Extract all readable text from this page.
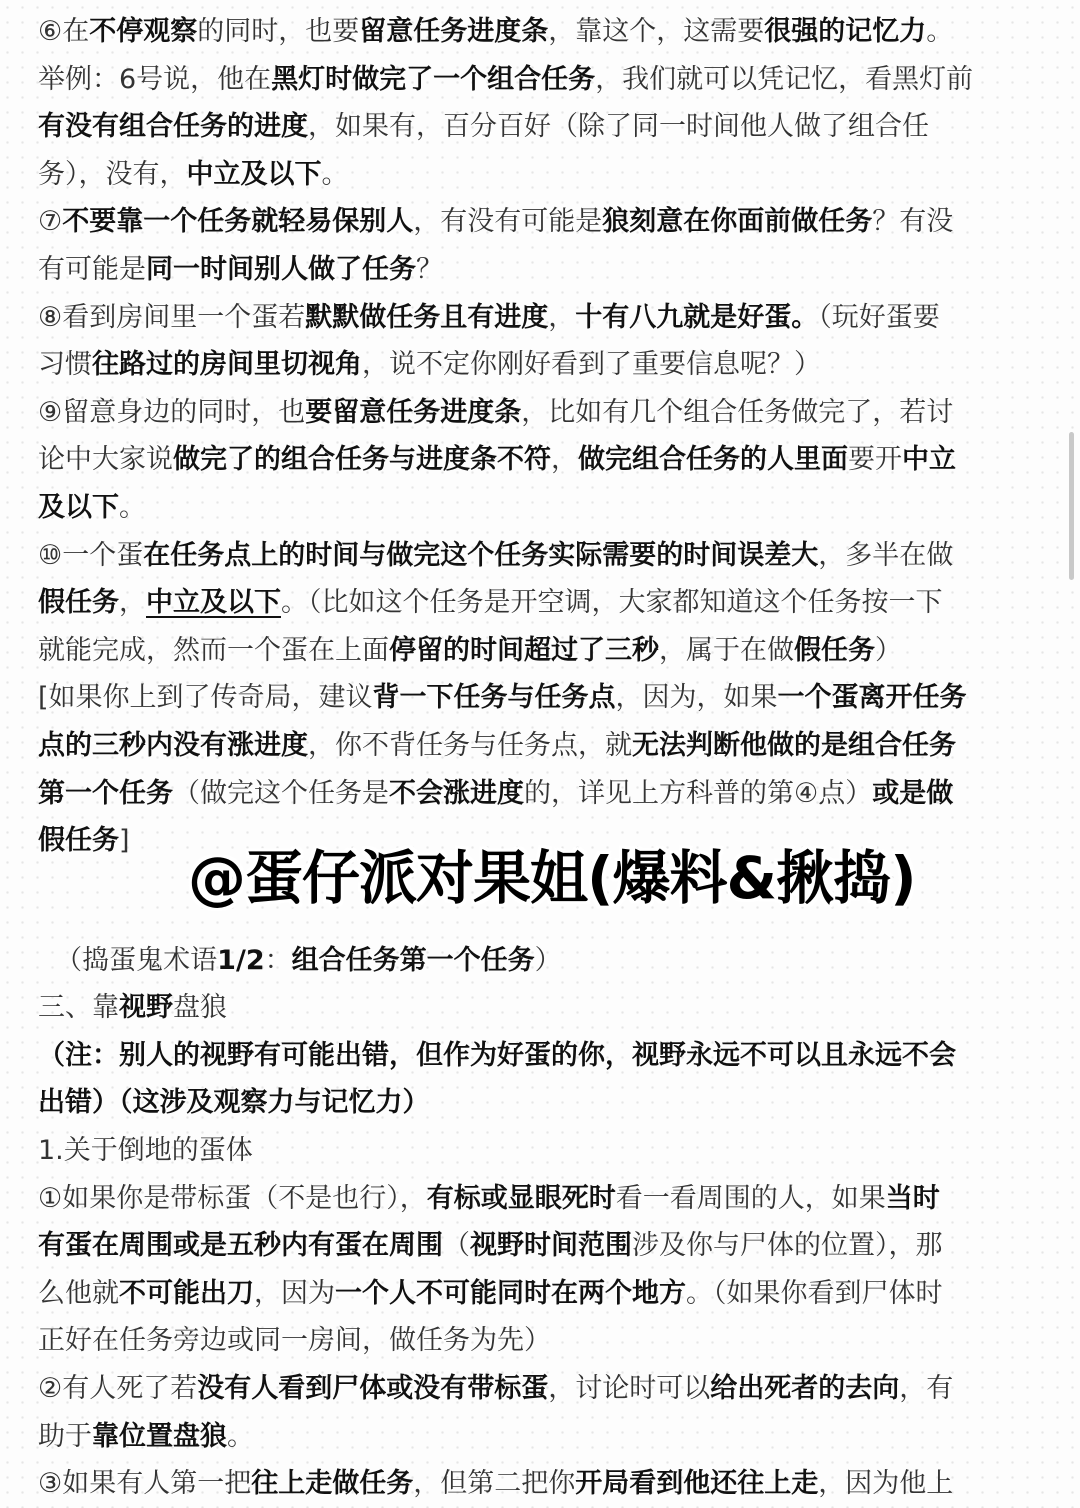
⑥在不停观察的同时，也要留意任务进度条，靠这个，这需要很强的记忆力。
举例：6号说，他在黑灯时做完了一个组合任务，我们就可以凭记忆，看黑灯前
有没有组合任务的进度，如果有，百分百好（除了同一时间他人做了组合任
务），没有，中立及以下。
⑦不要靠一个任务就轻易保别人，有没有可能是狼刻意在你面前做任务？有没
有可能是同一时间别人做了任务？
⑧看到房间里一个蛋若默默做任务且有进度，十有八九就是好蛋。（玩好蛋要
习惯往路过的房间里切视角，说不定你刚好看到了重要信息呢？）
⑨留意身边的同时，也要留意任务进度条，比如有几个组合任务做完了，若讨
论中大家说做完了的组合任务与进度条不符，做完组合任务的人里面要开中立
及以下。
⑩一个蛋在任务点上的时间与做完这个任务实际需要的时间误差大，多半在做
假任务，中立及以下。（比如这个任务是开空调，大家都知道这个任务按一下
就能完成，然而一个蛋在上面停留的时间超过了三秒，属于在做假任务）
[如果你上到了传奇局，建议背一下任务与任务点，因为，如果一个蛋离开任务
点的三秒内没有涨进度，你不背任务与任务点，就无法判断他做的是组合任务
第一个任务（做完这个任务是不会涨进度的，详见上方科普的第④点）或是做
假任务]
（捣蛋鬼术语1/2：组合任务第一个任务）
三、靠视野盘狼
（注：别人的视野有可能出错，但作为好蛋的你，视野永远不可以且永远不会
出错）（这涉及观察力与记忆力）
1.关于倒地的蛋体
①如果你是带标蛋（不是也行），有标或显眼死时看一看周围的人，如果当时
有蛋在周围或是五秒内有蛋在周围（视野时间范围涉及你与尸体的位置），那
么他就不可能出刀，因为一个人不可能同时在两个地方。（如果你看到尸体时
正好在任务旁边或同一房间，做任务为先）
②有人死了若没有人看到尸体或没有带标蛋，讨论时可以给出死者的去向，有
助于靠位置盘狼。
③如果有人第一把往上走做任务，但第二把你开局看到他还往上走，因为他上
@蛋仔派对果姐(爆料&揪捣)
